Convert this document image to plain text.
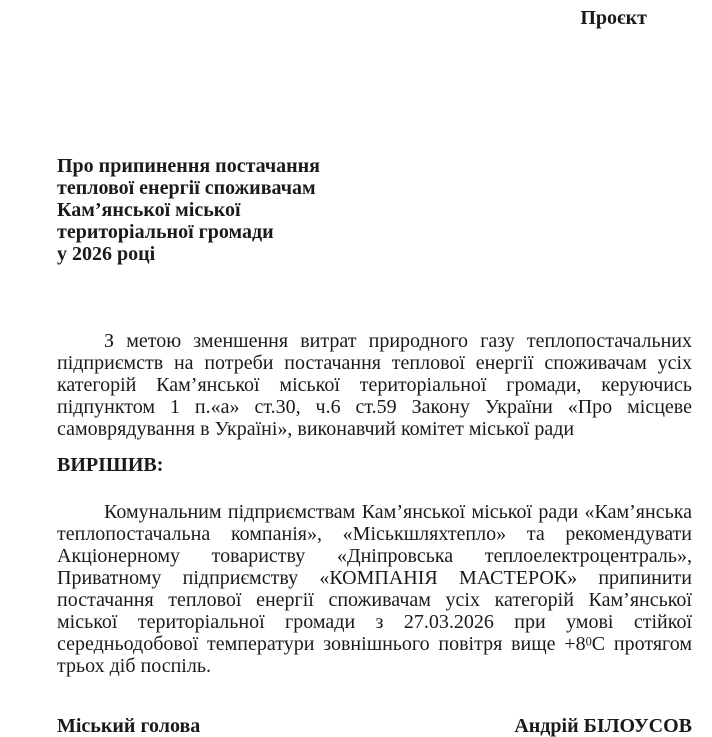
Проєкт
Про припинення постачання
теплової енергії споживачам
Кам’янської міської
територіальної громади
у 2026 році

З метою зменшення витрат природного газу теплопостачальних підприємств на потреби постачання теплової енергії споживачам усіх категорій Кам’янської міської територіальної громади, керуючись підпунктом 1 п.«а» ст.30, ч.6 ст.59 Закону України «Про місцеве самоврядування в Україні», виконавчий комітет міської ради

ВИРІШИВ:

Комунальним підприємствам Кам’янської міської ради «Кам’янська теплопостачальна компанія», «Міськшляхтепло» та рекомендувати Акціонерному товариству «Дніпровська теплоелектроцентраль», Приватному підприємству «КОМПАНІЯ МАСТЕРОК» припинити постачання теплової енергії споживачам усіх категорій Кам’янської міської територіальної громади з 27.03.2026 при умові стійкої середньодобової температури зовнішнього повітря вище $+8^0С$ протягом трьох діб поспіль.

Міський голова	Андрій БІЛОУСОВ
